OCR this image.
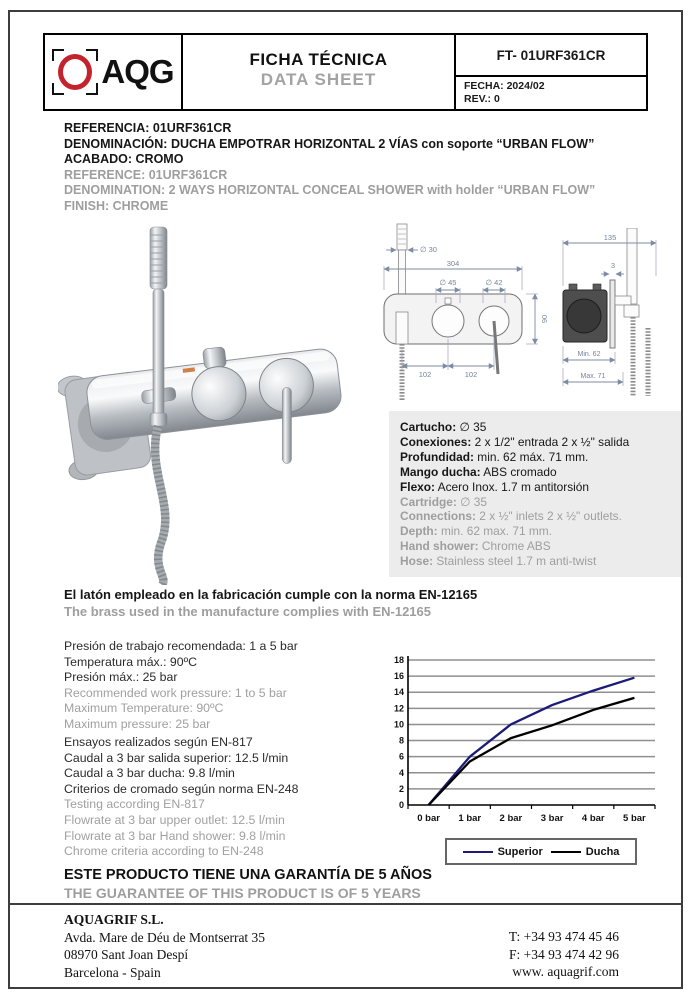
AQG	FICHA TÉCNICA
DATA SHEET
FT- 01URF361CR
FECHA: 2024/02
REV.: 0
REFERENCIA: 01URF361CR
DENOMINACIÓN: DUCHA EMPOTRAR HORIZONTAL 2 VÍAS con soporte “URBAN FLOW”
ACABADO: CROMO
REFERENCE: 01URF361CR
DENOMINATION: 2 WAYS HORIZONTAL CONCEAL SHOWER with holder “URBAN FLOW”
FINISH: CHROME
∅ 30
304
∅ 45	∅ 42
90
102	102
135
3
Min. 62
Max. 71
Cartucho: ∅ 35
Conexiones: 2 x 1/2" entrada 2 x ½" salida
Profundidad: min. 62 máx. 71 mm.
Mango ducha: ABS cromado
Flexo: Acero Inox. 1.7 m antitorsión
Cartridge: ∅ 35
Connections: 2 x ½" inlets 2 x ½" outlets.
Depth: min. 62 max. 71 mm.
Hand shower: Chrome ABS
Hose: Stainless steel 1.7 m anti-twist
El latón empleado en la fabricación cumple con la norma EN-12165
The brass used in the manufacture complies with EN-12165
Presión de trabajo recomendada: 1 a 5 bar
Temperatura máx.: 90ºC
Presión máx.: 25 bar
Recommended work pressure: 1 to 5 bar
Maximum Temperature: 90ºC
Maximum pressure: 25 bar
Ensayos realizados según EN-817
Caudal a 3 bar salida superior: 12.5 l/min
Caudal a 3 bar ducha: 9.8 l/min
Criterios de cromado según norma EN-248
Testing according EN-817
Flowrate at 3 bar upper outlet: 12.5 l/min
Flowrate at 3 bar Hand shower: 9.8 l/min
Chrome criteria according to EN-248
0
2
4
6
8
10
12
14
16
18
0 bar 1 bar 2 bar 3 bar 4 bar 5 bar
Superior	Ducha
ESTE PRODUCTO TIENE UNA GARANTÍA DE 5 AÑOS
THE GUARANTEE OF THIS PRODUCT IS OF 5 YEARS
AQUAGRIF S.L.
Avda. Mare de Déu de Montserrat 35
08970 Sant Joan Despí
Barcelona - Spain
T: +34 93 474 45 46
F: +34 93 474 42 96
www. aquagrif.com
